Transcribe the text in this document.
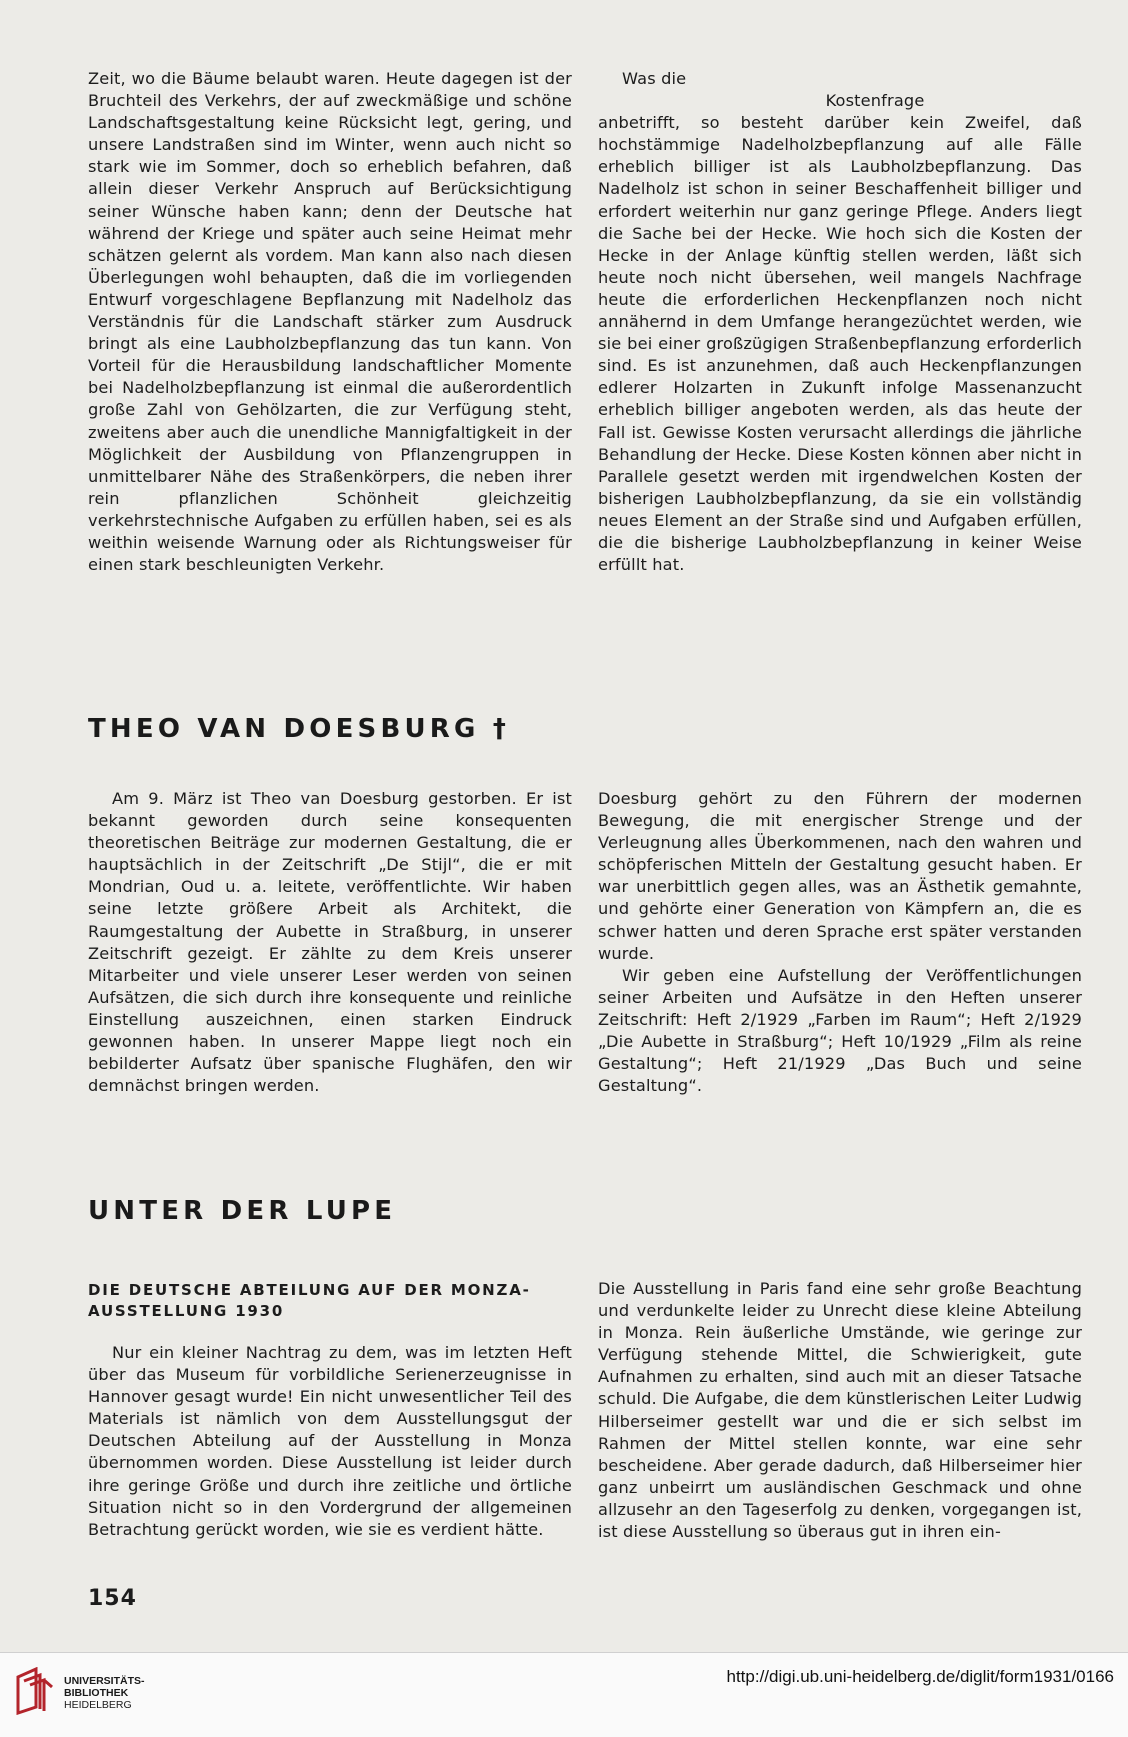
Zeit, wo die Bäume belaubt waren. Heute dagegen ist der Bruchteil des Verkehrs, der auf zweckmäßige und schöne Landschaftsgestaltung keine Rücksicht legt, gering, und unsere Landstraßen sind im Winter, wenn auch nicht so stark wie im Sommer, doch so erheblich befahren, daß allein dieser Verkehr Anspruch auf Berücksichtigung seiner Wünsche haben kann; denn der Deutsche hat während der Kriege und später auch seine Heimat mehr schätzen gelernt als vordem. Man kann also nach diesen Überlegungen wohl behaupten, daß die im vorliegenden Entwurf vorgeschlagene Bepflanzung mit Nadelholz das Verständnis für die Landschaft stärker zum Ausdruck bringt als eine Laubholzbepflanzung das tun kann. Von Vorteil für die Herausbildung landschaftlicher Momente bei Nadelholzbepflanzung ist einmal die außerordentlich große Zahl von Gehölzarten, die zur Verfügung steht, zweitens aber auch die unendliche Mannigfaltigkeit in der Möglichkeit der Ausbildung von Pflanzengruppen in unmittelbarer Nähe des Straßenkörpers, die neben ihrer rein pflanzlichen Schönheit gleichzeitig verkehrstechnische Aufgaben zu erfüllen haben, sei es als weithin weisende Warnung oder als Richtungsweiser für einen stark beschleunigten Verkehr.

Was die

Kostenfrage

anbetrifft, so besteht darüber kein Zweifel, daß hochstämmige Nadelholzbepflanzung auf alle Fälle erheblich billiger ist als Laubholzbepflanzung. Das Nadelholz ist schon in seiner Beschaffenheit billiger und erfordert weiterhin nur ganz geringe Pflege. Anders liegt die Sache bei der Hecke. Wie hoch sich die Kosten der Hecke in der Anlage künftig stellen werden, läßt sich heute noch nicht übersehen, weil mangels Nachfrage heute die erforderlichen Heckenpflanzen noch nicht annähernd in dem Umfange herangezüchtet werden, wie sie bei einer großzügigen Straßenbepflanzung erforderlich sind. Es ist anzunehmen, daß auch Heckenpflanzungen edlerer Holzarten in Zukunft infolge Massenanzucht erheblich billiger angeboten werden, als das heute der Fall ist. Gewisse Kosten verursacht allerdings die jährliche Behandlung der Hecke. Diese Kosten können aber nicht in Parallele gesetzt werden mit irgendwelchen Kosten der bisherigen Laubholzbepflanzung, da sie ein vollständig neues Element an der Straße sind und Aufgaben erfüllen, die die bisherige Laubholzbepflanzung in keiner Weise erfüllt hat.

THEO VAN DOESBURG †

Am 9. März ist Theo van Doesburg gestorben. Er ist bekannt geworden durch seine konsequenten theoretischen Beiträge zur modernen Gestaltung, die er hauptsächlich in der Zeitschrift „De Stijl“, die er mit Mondrian, Oud u. a. leitete, veröffentlichte. Wir haben seine letzte größere Arbeit als Architekt, die Raumgestaltung der Aubette in Straßburg, in unserer Zeitschrift gezeigt. Er zählte zu dem Kreis unserer Mitarbeiter und viele unserer Leser werden von seinen Aufsätzen, die sich durch ihre konsequente und reinliche Einstellung auszeichnen, einen starken Eindruck gewonnen haben. In unserer Mappe liegt noch ein bebilderter Aufsatz über spanische Flughäfen, den wir demnächst bringen werden.

Doesburg gehört zu den Führern der modernen Bewegung, die mit energischer Strenge und der Verleugnung alles Überkommenen, nach den wahren und schöpferischen Mitteln der Gestaltung gesucht haben. Er war unerbittlich gegen alles, was an Ästhetik gemahnte, und gehörte einer Generation von Kämpfern an, die es schwer hatten und deren Sprache erst später verstanden wurde.

Wir geben eine Aufstellung der Veröffentlichungen seiner Arbeiten und Aufsätze in den Heften unserer Zeitschrift: Heft 2/1929 „Farben im Raum“; Heft 2/1929 „Die Aubette in Straßburg“; Heft 10/1929 „Film als reine Gestaltung“; Heft 21/1929 „Das Buch und seine Gestaltung“.

UNTER DER LUPE
DIE DEUTSCHE ABTEILUNG AUF DER MONZA-AUSSTELLUNG 1930

Nur ein kleiner Nachtrag zu dem, was im letzten Heft über das Museum für vorbildliche Serienerzeugnisse in Hannover gesagt wurde! Ein nicht unwesentlicher Teil des Materials ist nämlich von dem Ausstellungsgut der Deutschen Abteilung auf der Ausstellung in Monza übernommen worden. Diese Ausstellung ist leider durch ihre geringe Größe und durch ihre zeitliche und örtliche Situation nicht so in den Vordergrund der allgemeinen Betrachtung gerückt worden, wie sie es verdient hätte.

Die Ausstellung in Paris fand eine sehr große Beachtung und verdunkelte leider zu Unrecht diese kleine Abteilung in Monza. Rein äußerliche Umstände, wie geringe zur Verfügung stehende Mittel, die Schwierigkeit, gute Aufnahmen zu erhalten, sind auch mit an dieser Tatsache schuld. Die Aufgabe, die dem künstlerischen Leiter Ludwig Hilberseimer gestellt war und die er sich selbst im Rahmen der Mittel stellen konnte, war eine sehr bescheidene. Aber gerade dadurch, daß Hilberseimer hier ganz unbeirrt um ausländischen Geschmack und ohne allzusehr an den Tageserfolg zu denken, vorgegangen ist, ist diese Ausstellung so überaus gut in ihren ein-

154
UNIVERSITÄTS-
BIBLIOTHEK
HEIDELBERG
http://digi.ub.uni-heidelberg.de/diglit/form1931/0166
